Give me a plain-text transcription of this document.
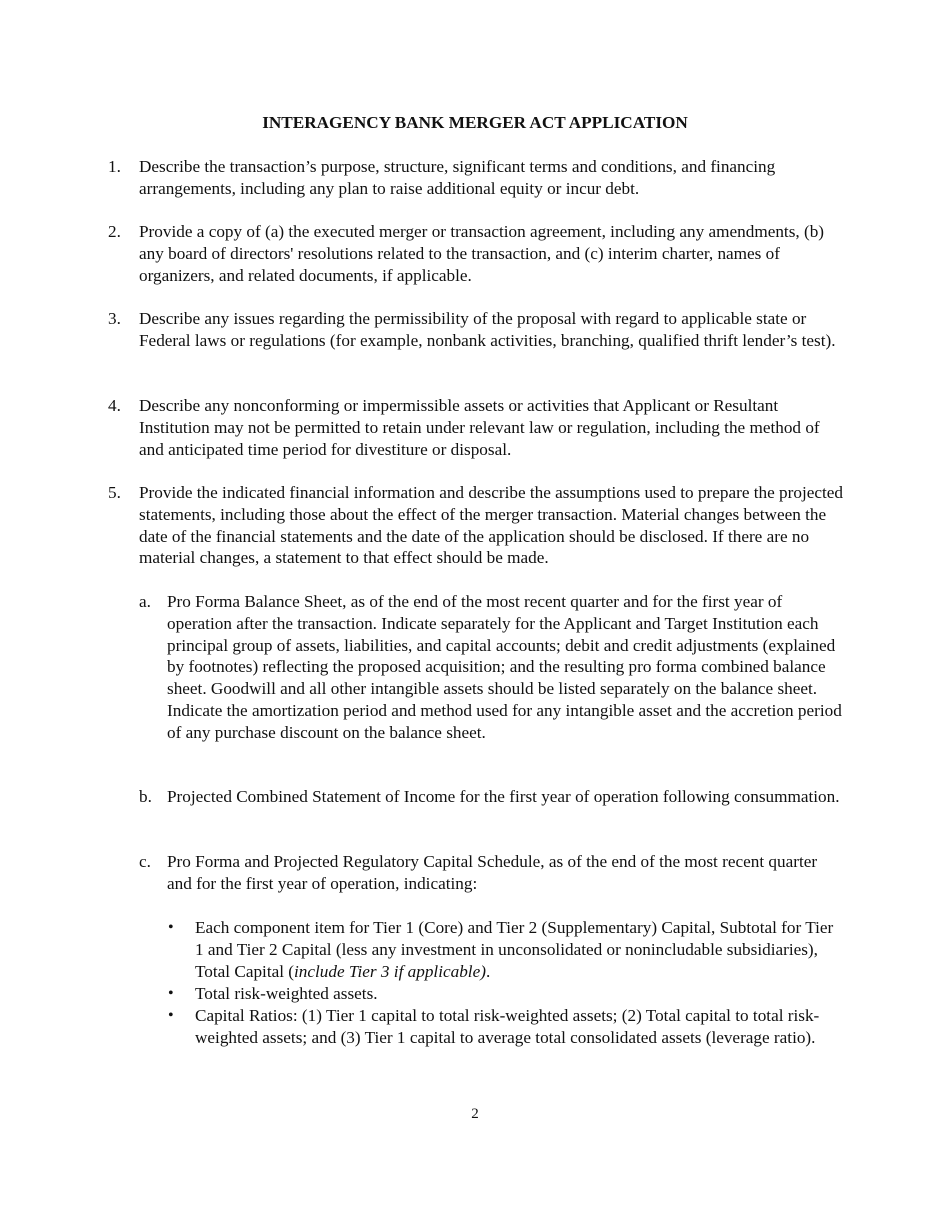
INTERAGENCY BANK MERGER ACT APPLICATION
1.	Describe the transaction’s purpose, structure, significant terms and conditions, and financing arrangements, including any plan to raise additional equity or incur debt.
2.	Provide a copy of (a) the executed merger or transaction agreement, including any amendments, (b) any board of directors' resolutions related to the transaction, and (c) interim charter, names of organizers, and related documents, if applicable.
3.	Describe any issues regarding the permissibility of the proposal with regard to applicable state or Federal laws or regulations (for example, nonbank activities, branching, qualified thrift lender’s test).
4.	Describe any nonconforming or impermissible assets or activities that Applicant or Resultant Institution may not be permitted to retain under relevant law or regulation, including the method of and anticipated time period for divestiture or disposal.
5.	Provide the indicated financial information and describe the assumptions used to prepare the projected statements, including those about the effect of the merger transaction. Material changes between the date of the financial statements and the date of the application should be disclosed. If there are no material changes, a statement to that effect should be made.
a. Pro Forma Balance Sheet, as of the end of the most recent quarter and for the first year of operation after the transaction. Indicate separately for the Applicant and Target Institution each principal group of assets, liabilities, and capital accounts; debit and credit adjustments (explained by footnotes) reflecting the proposed acquisition; and the resulting pro forma combined balance sheet. Goodwill and all other intangible assets should be listed separately on the balance sheet. Indicate the amortization period and method used for any intangible asset and the accretion period of any purchase discount on the balance sheet.
b. Projected Combined Statement of Income for the first year of operation following consummation.
c. Pro Forma and Projected Regulatory Capital Schedule, as of the end of the most recent quarter and for the first year of operation, indicating:
•	Each component item for Tier 1 (Core) and Tier 2 (Supplementary) Capital, Subtotal for Tier 1 and Tier 2 Capital (less any investment in unconsolidated or nonincludable subsidiaries), Total Capital (include Tier 3 if applicable).
•	Total risk-weighted assets.
•	Capital Ratios: (1) Tier 1 capital to total risk-weighted assets; (2) Total capital to total risk-weighted assets; and (3) Tier 1 capital to average total consolidated assets (leverage ratio).
2
